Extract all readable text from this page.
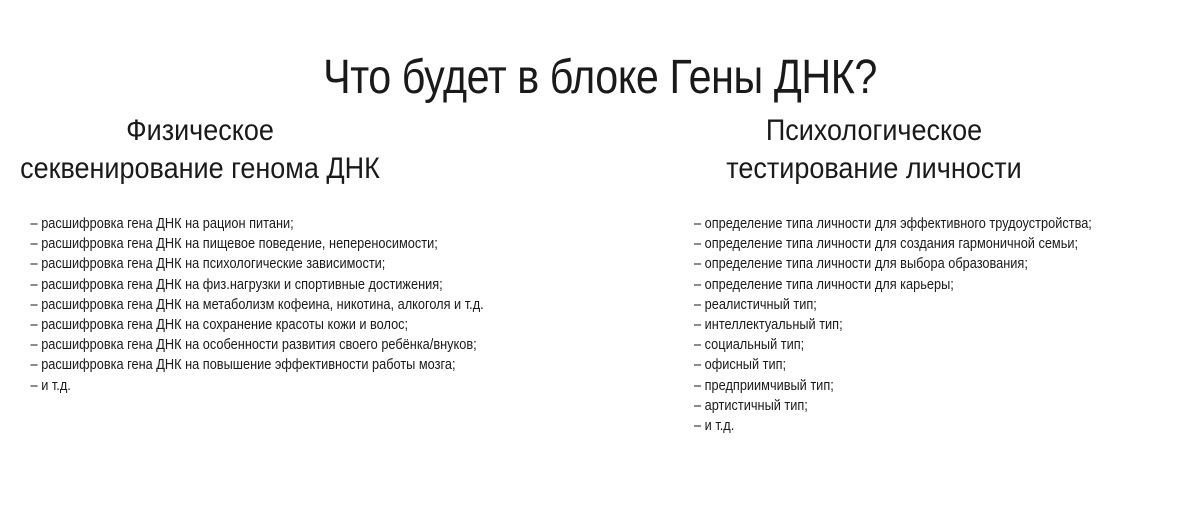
Что будет в блоке Гены ДНК?
Физическое
секвенирование генома ДНК
– расшифровка гена ДНК на рацион питани;
– расшифровка гена ДНК на пищевое поведение, непереносимости;
– расшифровка гена ДНК на психологические зависимости;
– расшифровка гена ДНК на физ.нагрузки и спортивные достижения;
– расшифровка гена ДНК на метаболизм кофеина, никотина, алкоголя и т.д.
– расшифровка гена ДНК на сохранение красоты кожи и волос;
– расшифровка гена ДНК на особенности развития своего ребёнка/внуков;
– расшифровка гена ДНК на повышение эффективности работы мозга;
– и т.д.
Психологическое
тестирование личности
– определение типа личности для эффективного трудоустройства;
– определение типа личности для создания гармоничной семьи;
– определение типа личности для выбора образования;
– определение типа личности для карьеры;
– реалистичный тип;
– интеллектуальный тип;
– социальный тип;
– офисный тип;
– предприимчивый тип;
– артистичный тип;
– и т.д.
